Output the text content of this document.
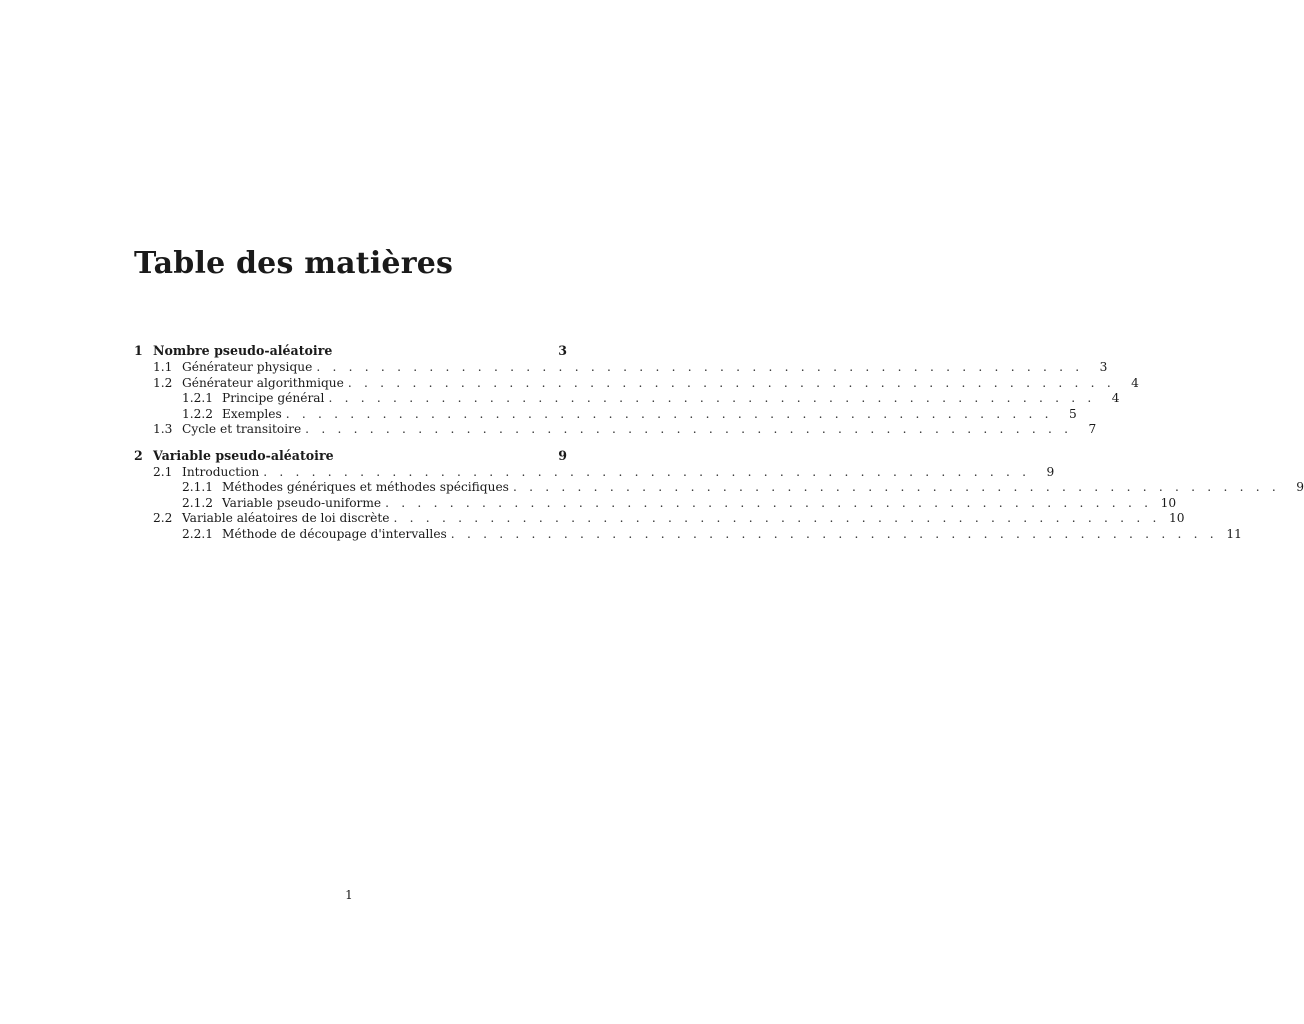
Table des matières
1 Nombre pseudo-aléatoire	3
1.1 Générateur physique . . . . . . . . . . . . . . . . . . . . . . . . . . . . . . . . . . . . . . . . . . . . . . . .	3
1.2 Générateur algorithmique . . . . . . . . . . . . . . . . . . . . . . . . . . . . . . . . . . . . . . . . . . . . . . . .	4
1.2.1 Principe général . . . . . . . . . . . . . . . . . . . . . . . . . . . . . . . . . . . . . . . . . . . . . . . .	4
1.2.2 Exemples . . . . . . . . . . . . . . . . . . . . . . . . . . . . . . . . . . . . . . . . . . . . . . . .	5
1.3 Cycle et transitoire . . . . . . . . . . . . . . . . . . . . . . . . . . . . . . . . . . . . . . . . . . . . . . . .	7
2 Variable pseudo-aléatoire	9
2.1 Introduction . . . . . . . . . . . . . . . . . . . . . . . . . . . . . . . . . . . . . . . . . . . . . . . .	9
2.1.1 Méthodes génériques et méthodes spécifiques . . . . . . . . . . . . . . . . . . . . . . . . . . . . . . . . . . . . . . . . . . . . . . . .	9
2.1.2 Variable pseudo-uniforme . . . . . . . . . . . . . . . . . . . . . . . . . . . . . . . . . . . . . . . . . . . . . . . . 10
2.2 Variable aléatoires de loi discrète . . . . . . . . . . . . . . . . . . . . . . . . . . . . . . . . . . . . . . . . . . . . . . . . 10
2.2.1 Méthode de découpage d'intervalles . . . . . . . . . . . . . . . . . . . . . . . . . . . . . . . . . . . . . . . . . . . . . . . . 11
1
